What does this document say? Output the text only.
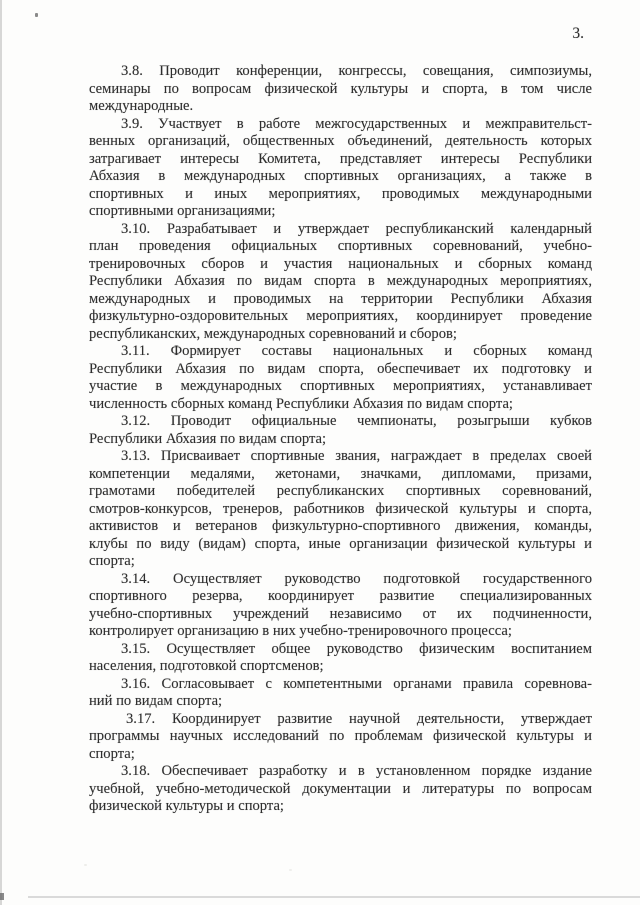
3.
3.8. Проводит конференции, конгрессы, совещания, симпозиумы,
семинары по вопросам физической культуры и спорта, в том числе
международные.
3.9. Участвует в работе межгосударственных и межправительст-
венных организаций, общественных объединений, деятельность которых
затрагивает интересы Комитета, представляет интересы Республики
Абхазия в международных спортивных организациях, а также в
спортивных и иных мероприятиях, проводимых международными
спортивными организациями;
3.10. Разрабатывает и утверждает республиканский календарный
план проведения официальных спортивных соревнований, учебно-
тренировочных сборов и участия национальных и сборных команд
Республики Абхазия по видам спорта в международных мероприятиях,
международных и проводимых на территории Республики Абхазия
физкультурно-оздоровительных мероприятиях, координирует проведение
республиканских, международных соревнований и сборов;
3.11. Формирует составы национальных и сборных команд
Республики Абхазия по видам спорта, обеспечивает их подготовку и
участие в международных спортивных мероприятиях, устанавливает
численность сборных команд Республики Абхазия по видам спорта;
3.12. Проводит официальные чемпионаты, розыгрыши кубков
Республики Абхазия по видам спорта;
3.13. Присваивает спортивные звания, награждает в пределах своей
компетенции медалями, жетонами, значками, дипломами, призами,
грамотами победителей республиканских спортивных соревнований,
смотров-конкурсов, тренеров, работников физической культуры и спорта,
активистов и ветеранов физкультурно-спортивного движения, команды,
клубы по виду (видам) спорта, иные организации физической культуры и
спорта;
3.14. Осуществляет руководство подготовкой государственного
спортивного резерва, координирует развитие специализированных
учебно-спортивных учреждений независимо от их подчиненности,
контролирует организацию в них учебно-тренировочного процесса;
3.15. Осуществляет общее руководство физическим воспитанием
населения, подготовкой спортсменов;
3.16. Согласовывает с компетентными органами правила соревнова-
ний по видам спорта;
3.17. Координирует развитие научной деятельности, утверждает
программы научных исследований по проблемам физической культуры и
спорта;
3.18. Обеспечивает разработку и в установленном порядке издание
учебной, учебно-методической документации и литературы по вопросам
физической культуры и спорта;
